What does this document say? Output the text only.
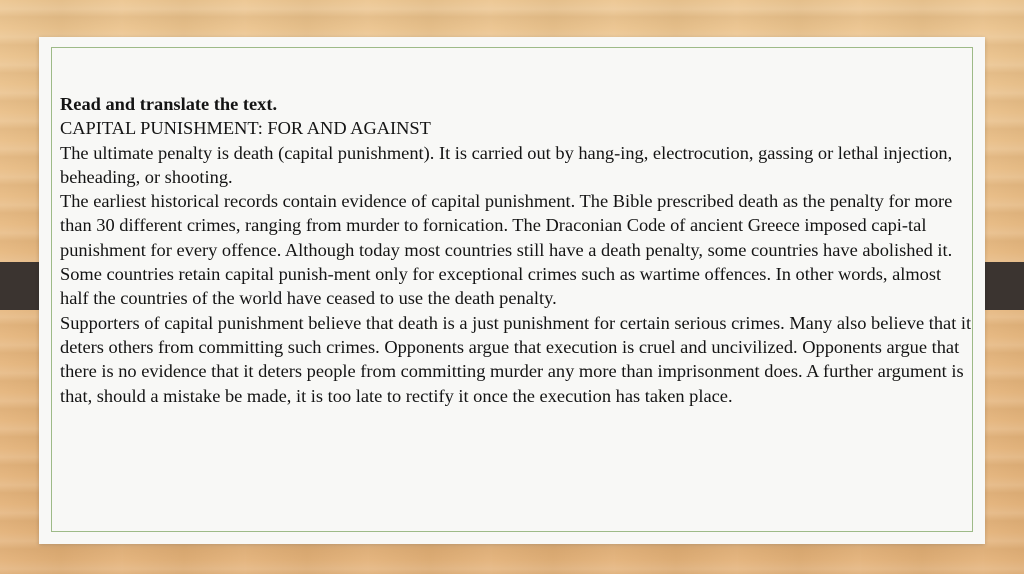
Read and translate the text.

CAPITAL PUNISHMENT: FOR AND AGAINST

The ultimate penalty is death (capital punishment). It is carried out by hang-ing, electrocution, gassing or lethal injection, beheading, or shooting.

The earliest historical records contain evidence of capital punishment. The Bible prescribed death as the penalty for more than 30 different crimes, ranging from murder to fornication. The Draconian Code of ancient Greece imposed capi-tal punishment for every offence. Although today most countries still have a death penalty, some countries have abolished it. Some countries retain capital punish-ment only for exceptional crimes such as wartime offences. In other words, almost half the countries of the world have ceased to use the death penalty.

Supporters of capital punishment believe that death is a just punishment for certain serious crimes. Many also believe that it deters others from committing such crimes. Opponents argue that execution is cruel and uncivilized. Opponents argue that there is no evidence that it deters people from committing murder any more than imprisonment does. A further argument is that, should a mistake be made, it is too late to rectify it once the execution has taken place.
